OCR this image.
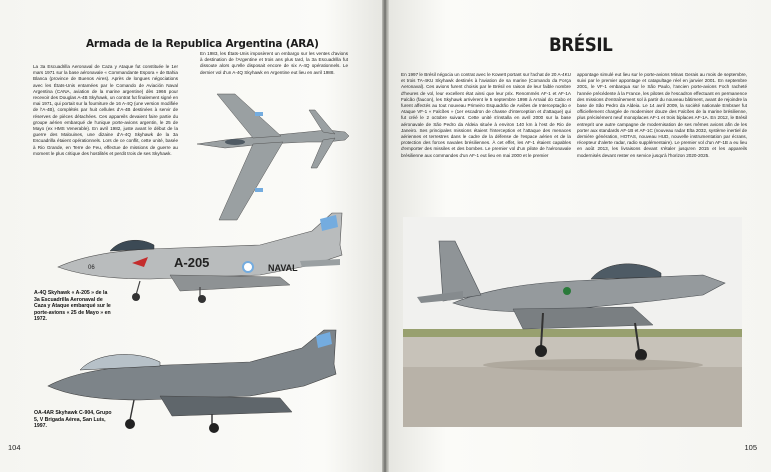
Armada de la Republica Argentina (ARA)

La 3a Escuadrilla Aeronaval de Caza y Ataque fut constituée le 1er mars 1971 sur la base aéronavale « Commandante Espora » de Bahia Blanca (province de Buenos Aires). Après de longues négociations avec les États-Unis entamées par le Comando de Aviación Naval Argentina (CANA, aviation de la marine argentine) dès 1966 pour recevoir des Douglas A-4B Skyhawk, un contrat fut finalement signé en mai 1971, qui portait sur la fourniture de 16 A-4Q (une version modifiée de l'A-4B), complétés par huit cellules d'A-4B destinées à servir de réserves de pièces détachées. Ces appareils devaient faire partie du groupe aérien embarqué de l'unique porte-avions argentin, le 25 de Mayo (ex HMS Venerable). En avril 1982, juste avant le début de la guerre des Malouines, une dizaine d'A-4Q Skyhawk de la 3a Escuadrilla étaient opérationnels. Lors de ce conflit, cette unité, basée à Rio Grande, en Terre de Feu, effectue de missions de guerre au moment le plus critique des hostilités et perdit trois de ses Skyhawk.

En 1983, les États-Unis imposèrent un embargo sur les ventes d'avions à destination de l'Argentine et trois ans plus tard, la 3a Escuadrilla fut dissoute alors qu'elle disposait encore de six A-4Q opérationnels. Le dernier vol d'un A-4Q Skyhawk en Argentine eut lieu en avril 1988.

A-205
06	NAVAL
A-4Q Skyhawk « A-205 » de la 3a Escuadrilla Aeronaval de Caza y Ataque embarqué sur le porte-avions « 25 de Mayo » en 1972.
OA-4AR Skyhawk C-904, Grupo 5, V Brigada Aérea, San Luis, 1997.
104
BRÉSIL

En 1997 le Brésil négocia un contrat avec le Koweït portant sur l'achat de 20 A-4KU et trois TA-4KU Skyhawk destinés à l'aviation de sa marine (Comando da Força Aeronaval). Ces avions furent choisis par le Brésil en raison de leur faible nombre d'heures de vol, leur excellent état ainsi que leur prix. Renommés AF-1 et AF-1A Falcão (faucon), les Skyhawk arrivèrent le 5 septembre 1998 à Arraial do Cabo et furent affectés au tout nouveau Primeiro Esquadrão de Aviões de Interceptação e Ataque VF-1 « Falcões » (1er escadron de chasse d'interception et d'attaque) qui fut créé le 2 octobre suivant. Cette unité s'installa en avril 2000 sur la base aéronavale de São Pedro da Aldeia située à environ 140 km à l'est de Rio de Janeiro. Ses principales missions étaient l'interception et l'attaque des menaces aériennes et terrestres dans le cadre de la défense de l'espace aérien et de la protection des forces navales brésiliennes. À cet effet, les AF-1 étaient capables d'emporter des missiles et des bombes. Le premier vol d'un pilote de l'aéronavale brésilienne aux commandes d'un AF-1 eut lieu en mai 2000 et le premier

appontage simulé eut lieu sur le porte-avions Minas Gerais au mois de septembre, suivi par le premier appontage et catapultage réel en janvier 2001. En septembre 2001, le VF-1 embarqua sur le São Paulo, l'ancien porte-avions Foch racheté l'année précédente à la France, les pilotes de l'escadron effectuant en permanence des missions d'entraînement sol à partir du nouveau bâtiment, avant de rejoindre la base de São Pedro da Aldeia. Le 14 avril 2009, la société nationale Embraer fut officiellement chargée de moderniser douze des Falcões de la marine brésilienne, plus précisément neuf monoplaces AF-1 et trois biplaces AF-1A. En 2012, le Brésil entreprit une autre campagne de modernisation de ses mêmes avions afin de les porter aux standards AF-1B et AF-1C (nouveau radar Elta 2032, système inertiel de dernière génération, HOTAS, nouveau HUD, nouvelle instrumentation par écrans, récepteur d'alerte radar, radio supplémentaire). Le premier vol d'un AF-1B a eu lieu en août 2013, les livraisons devant s'étaler jusqu'en 2015 et les appareils modernisés devant rester en service jusqu'à l'horizon 2020-2025.

105
